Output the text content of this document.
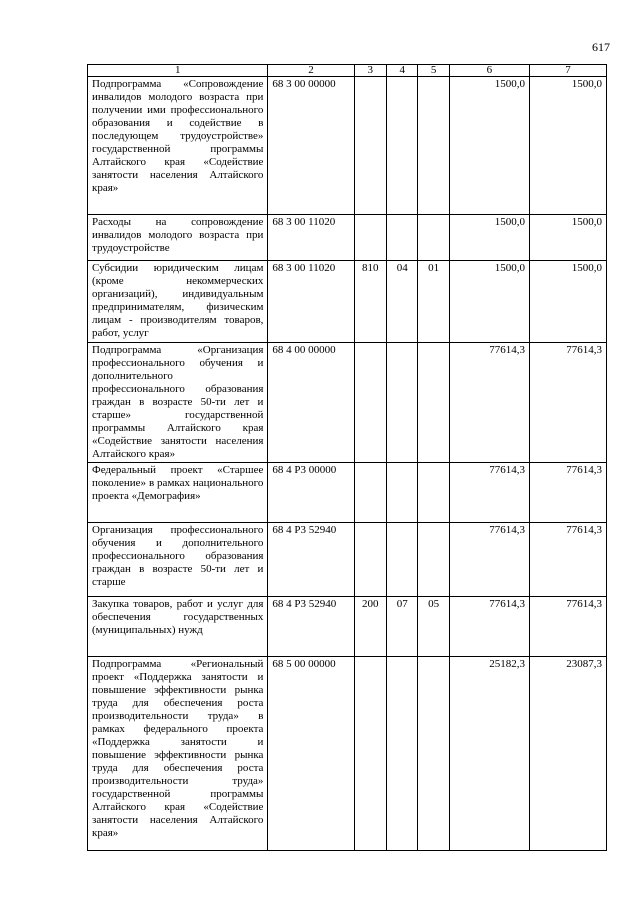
617
1	2	3	4	5	6	7
Подпрограмма «Сопровождение инвалидов молодого возраста при получении ими профессионального образования и содействие в последующем трудоустройстве» государственной программы Алтайского края «Содействие занятости населения Алтайского края»	68 3 00 00000				1500,0	1500,0
Расходы на сопровождение инвалидов молодого возраста при трудоустройстве	68 3 00 11020				1500,0	1500,0
Субсидии юридическим лицам (кроме некоммерческих организаций), индивидуальным предпринимателям, физическим лицам - производителям товаров, работ, услуг	68 3 00 11020	810	04	01	1500,0	1500,0
Подпрограмма «Организация профессионального обучения и дополнительного профессионального образования граждан в возрасте 50-ти лет и старше» государственной программы Алтайского края «Содействие занятости населения Алтайского края»	68 4 00 00000				77614,3	77614,3
Федеральный проект «Старшее поколение» в рамках национального проекта «Демография»	68 4 P3 00000				77614,3	77614,3
Организация профессионального обучения и дополнительного профессионального образования граждан в возрасте 50-ти лет и старше	68 4 P3 52940				77614,3	77614,3
Закупка товаров, работ и услуг для обеспечения государственных (муниципальных) нужд	68 4 P3 52940	200	07	05	77614,3	77614,3
Подпрограмма «Региональный проект «Поддержка занятости и повышение эффективности рынка труда для обеспечения роста производительности труда» в рамках федерального проекта «Поддержка занятости и повышение эффективности рынка труда для обеспечения роста производительности труда» государственной программы Алтайского края «Содействие занятости населения Алтайского края»	68 5 00 00000				25182,3	23087,3
